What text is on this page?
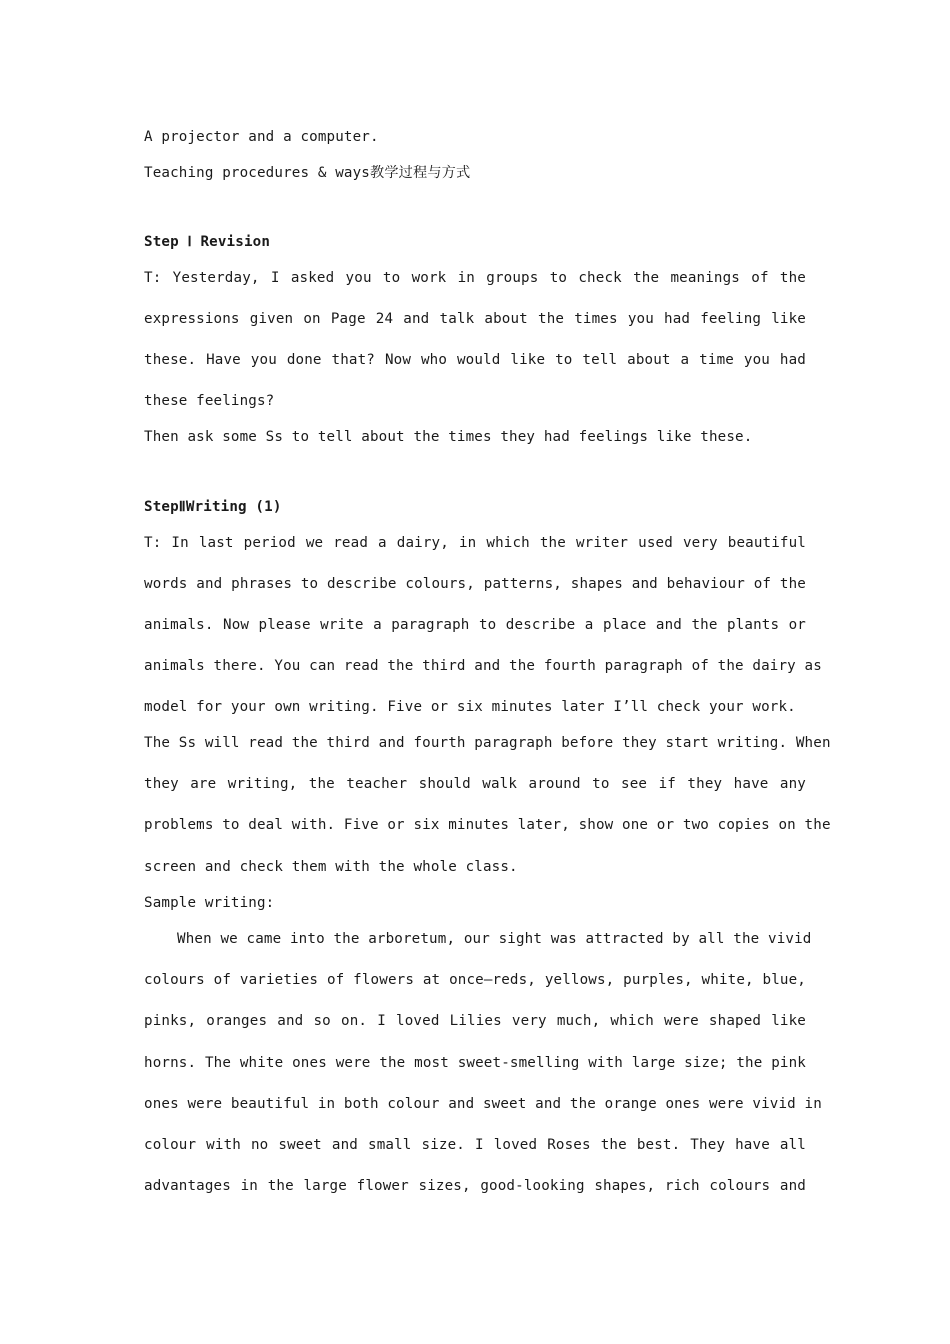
A projector and a computer.
Teaching procedures & ways教学过程与方式
Step Ⅰ Revision
T: Yesterday, I asked you to work in groups to check the meanings of the
expressions given on Page 24 and talk about the times you had feeling like
these. Have you done that? Now who would like to tell about a time you had
these feelings?
Then ask some Ss to tell about the times they had feelings like these.
StepⅡWriting (1)
T: In last period we read a dairy, in which the writer used very beautiful
words and phrases to describe colours, patterns, shapes and behaviour of the
animals. Now please write a paragraph to describe a place and the plants or
animals there. You can read the third and the fourth paragraph of the dairy as
model for your own writing. Five or six minutes later I’ll check your work.
The Ss will read the third and fourth paragraph before they start writing. When
they are writing, the teacher should walk around to see if they have any
problems to deal with. Five or six minutes later, show one or two copies on the
screen and check them with the whole class.
Sample writing:
When we came into the arboretum, our sight was attracted by all the vivid
colours of varieties of flowers at once—reds, yellows, purples, white, blue,
pinks, oranges and so on. I loved Lilies very much, which were shaped like
horns. The white ones were the most sweet-smelling with large size; the pink
ones were beautiful in both colour and sweet and the orange ones were vivid in
colour with no sweet and small size. I loved Roses the best. They have all
advantages in the large flower sizes, good-looking shapes, rich colours and
